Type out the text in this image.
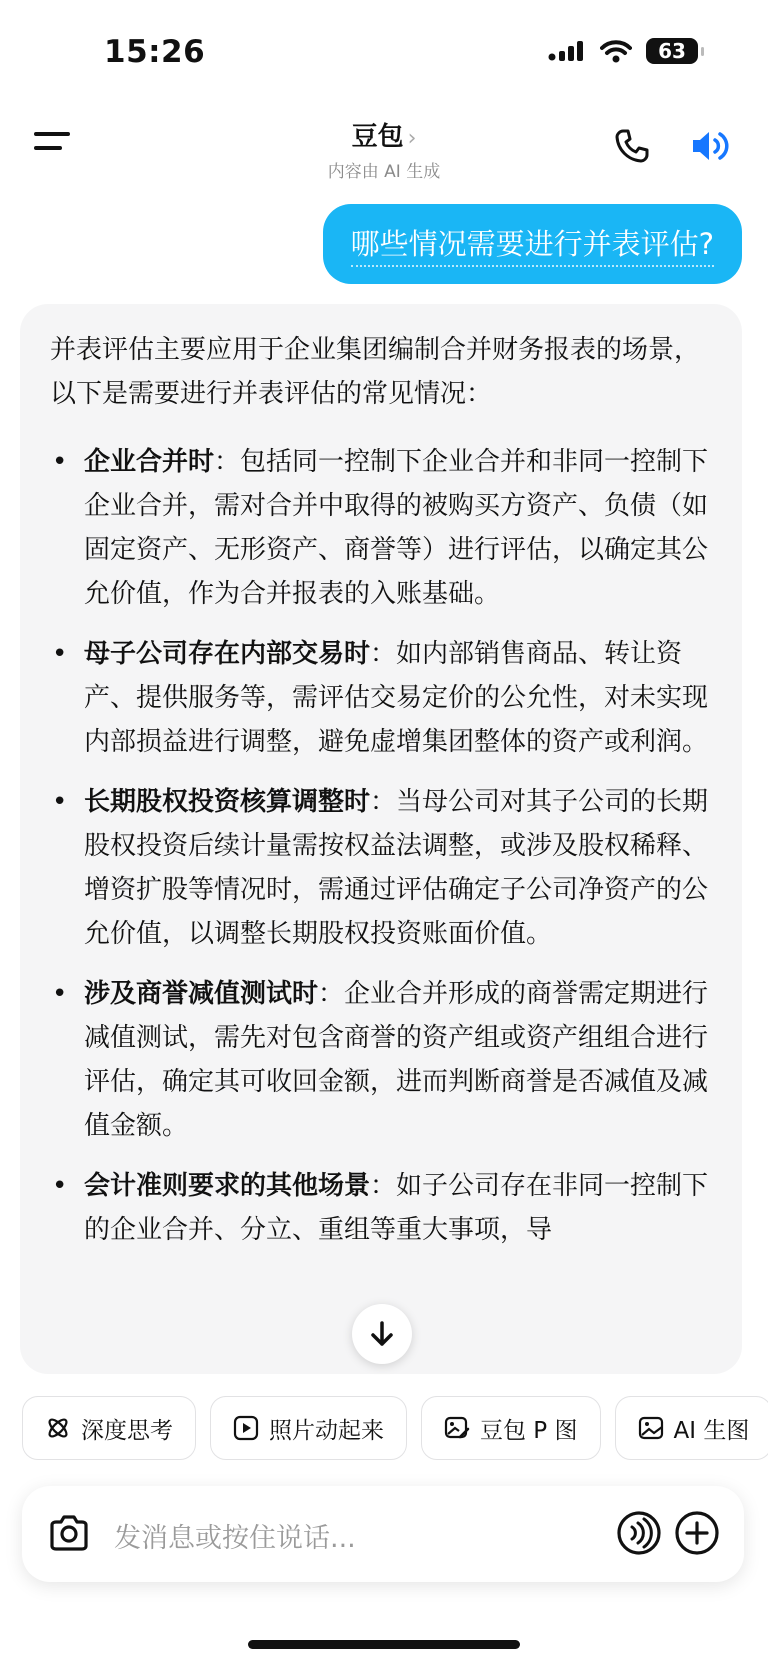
15:26	63
豆包 ›
内容由 AI 生成
哪些情况需要进行并表评估?

并表评估主要应用于企业集团编制合并财务报表的场景，以下是需要进行并表评估的常见情况：

• 企业合并时：包括同一控制下企业合并和非同一控制下企业合并，需对合并中取得的被购买方资产、负债（如固定资产、无形资产、商誉等）进行评估，以确定其公允价值，作为合并报表的入账基础。
• 母子公司存在内部交易时：如内部销售商品、转让资产、提供服务等，需评估交易定价的公允性，对未实现内部损益进行调整，避免虚增集团整体的资产或利润。
• 长期股权投资核算调整时：当母公司对其子公司的长期股权投资后续计量需按权益法调整，或涉及股权稀释、增资扩股等情况时，需通过评估确定子公司净资产的公允价值，以调整长期股权投资账面价值。
• 涉及商誉减值测试时：企业合并形成的商誉需定期进行减值测试，需先对包含商誉的资产组或资产组组合进行评估，确定其可收回金额，进而判断商誉是否减值及减值金额。
• 会计准则要求的其他场景：如子公司存在非同一控制下的企业合并、分立、重组等重大事项，导
深度思考	照片动起来	豆包 P 图	AI 生图
发消息或按住说话...
